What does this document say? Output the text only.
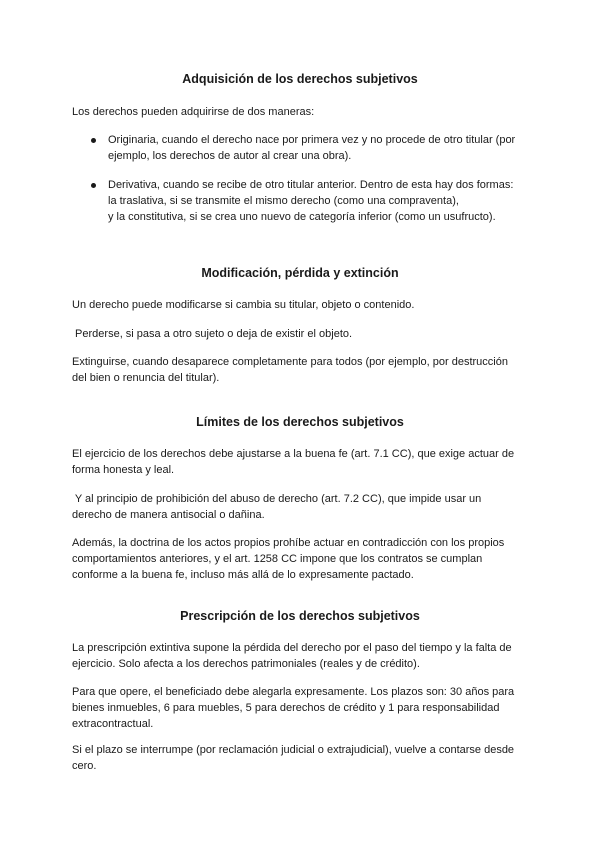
Adquisición de los derechos subjetivos

Los derechos pueden adquirirse de dos maneras:

Originaria, cuando el derecho nace por primera vez y no procede de otro titular (por
ejemplo, los derechos de autor al crear una obra).

Derivativa, cuando se recibe de otro titular anterior. Dentro de esta hay dos formas:
la traslativa, si se transmite el mismo derecho (como una compraventa),
y la constitutiva, si se crea uno nuevo de categoría inferior (como un usufructo).

Modificación, pérdida y extinción

Un derecho puede modificarse si cambia su titular, objeto o contenido.

Perderse, si pasa a otro sujeto o deja de existir el objeto.

Extinguirse, cuando desaparece completamente para todos (por ejemplo, por destrucción
del bien o renuncia del titular).

Límites de los derechos subjetivos

El ejercicio de los derechos debe ajustarse a la buena fe (art. 7.1 CC), que exige actuar de
forma honesta y leal.

Y al principio de prohibición del abuso de derecho (art. 7.2 CC), que impide usar un
derecho de manera antisocial o dañina.

Además, la doctrina de los actos propios prohíbe actuar en contradicción con los propios
comportamientos anteriores, y el art. 1258 CC impone que los contratos se cumplan
conforme a la buena fe, incluso más allá de lo expresamente pactado.

Prescripción de los derechos subjetivos

La prescripción extintiva supone la pérdida del derecho por el paso del tiempo y la falta de
ejercicio. Solo afecta a los derechos patrimoniales (reales y de crédito).

Para que opere, el beneficiado debe alegarla expresamente. Los plazos son: 30 años para
bienes inmuebles, 6 para muebles, 5 para derechos de crédito y 1 para responsabilidad
extracontractual.

Si el plazo se interrumpe (por reclamación judicial o extrajudicial), vuelve a contarse desde
cero.
